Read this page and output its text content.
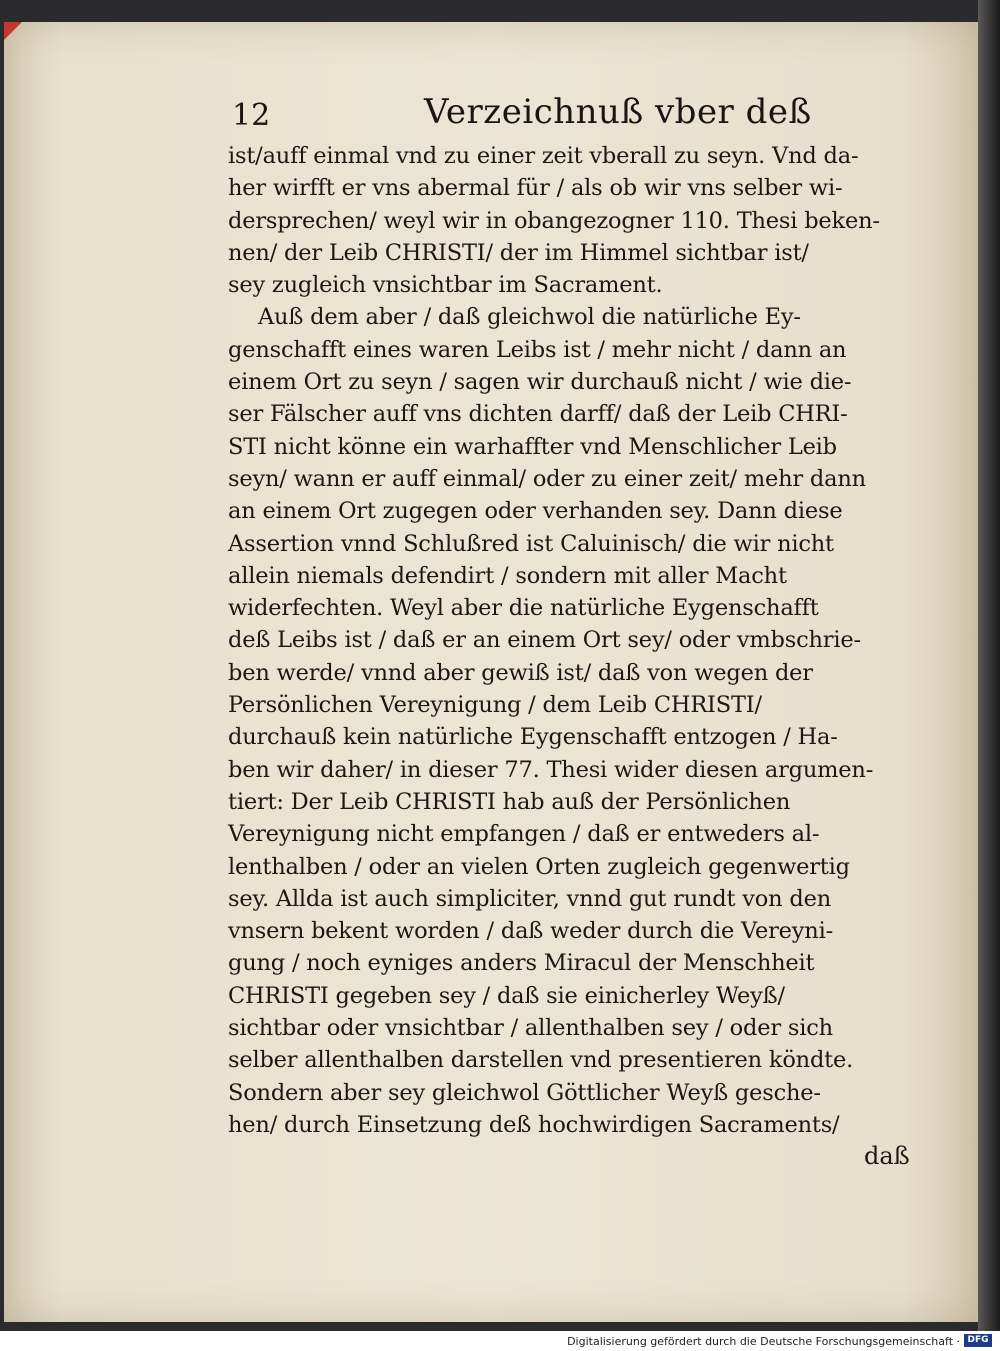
12	Verzeichnuß vber deß
ist/auff einmal vnd zu einer zeit vberall zu seyn. Vnd da-
her wirfft er vns abermal für / als ob wir vns selber wi-
dersprechen/ weyl wir in obangezogner 110. Thesi beken-
nen/ der Leib CHRISTI/ der im Himmel sichtbar ist/
sey zugleich vnsichtbar im Sacrament.
Auß dem aber / daß gleichwol die natürliche Ey-
genschafft eines waren Leibs ist / mehr nicht / dann an
einem Ort zu seyn / sagen wir durchauß nicht / wie die-
ser Fälscher auff vns dichten darff/ daß der Leib CHRI-
STI nicht könne ein warhaffter vnd Menschlicher Leib
seyn/ wann er auff einmal/ oder zu einer zeit/ mehr dann
an einem Ort zugegen oder verhanden sey. Dann diese
Assertion vnnd Schlußred ist Caluinisch/ die wir nicht
allein niemals defendirt / sondern mit aller Macht
widerfechten. Weyl aber die natürliche Eygenschafft
deß Leibs ist / daß er an einem Ort sey/ oder vmbschrie-
ben werde/ vnnd aber gewiß ist/ daß von wegen der
Persönlichen Vereynigung / dem Leib CHRISTI/
durchauß kein natürliche Eygenschafft entzogen / Ha-
ben wir daher/ in dieser 77. Thesi wider diesen argumen-
tiert: Der Leib CHRISTI hab auß der Persönlichen
Vereynigung nicht empfangen / daß er entweders al-
lenthalben / oder an vielen Orten zugleich gegenwertig
sey. Allda ist auch simpliciter, vnnd gut rundt von den
vnsern bekent worden / daß weder durch die Vereyni-
gung / noch eyniges anders Miracul der Menschheit
CHRISTI gegeben sey / daß sie einicherley Weyß/
sichtbar oder vnsichtbar / allenthalben sey / oder sich
selber allenthalben darstellen vnd presentieren köndte.
Sondern aber sey gleichwol Göttlicher Weyß gesche-
hen/ durch Einsetzung deß hochwirdigen Sacraments/
daß
Digitalisierung gefördert durch die Deutsche Forschungsgemeinschaft · DFG
